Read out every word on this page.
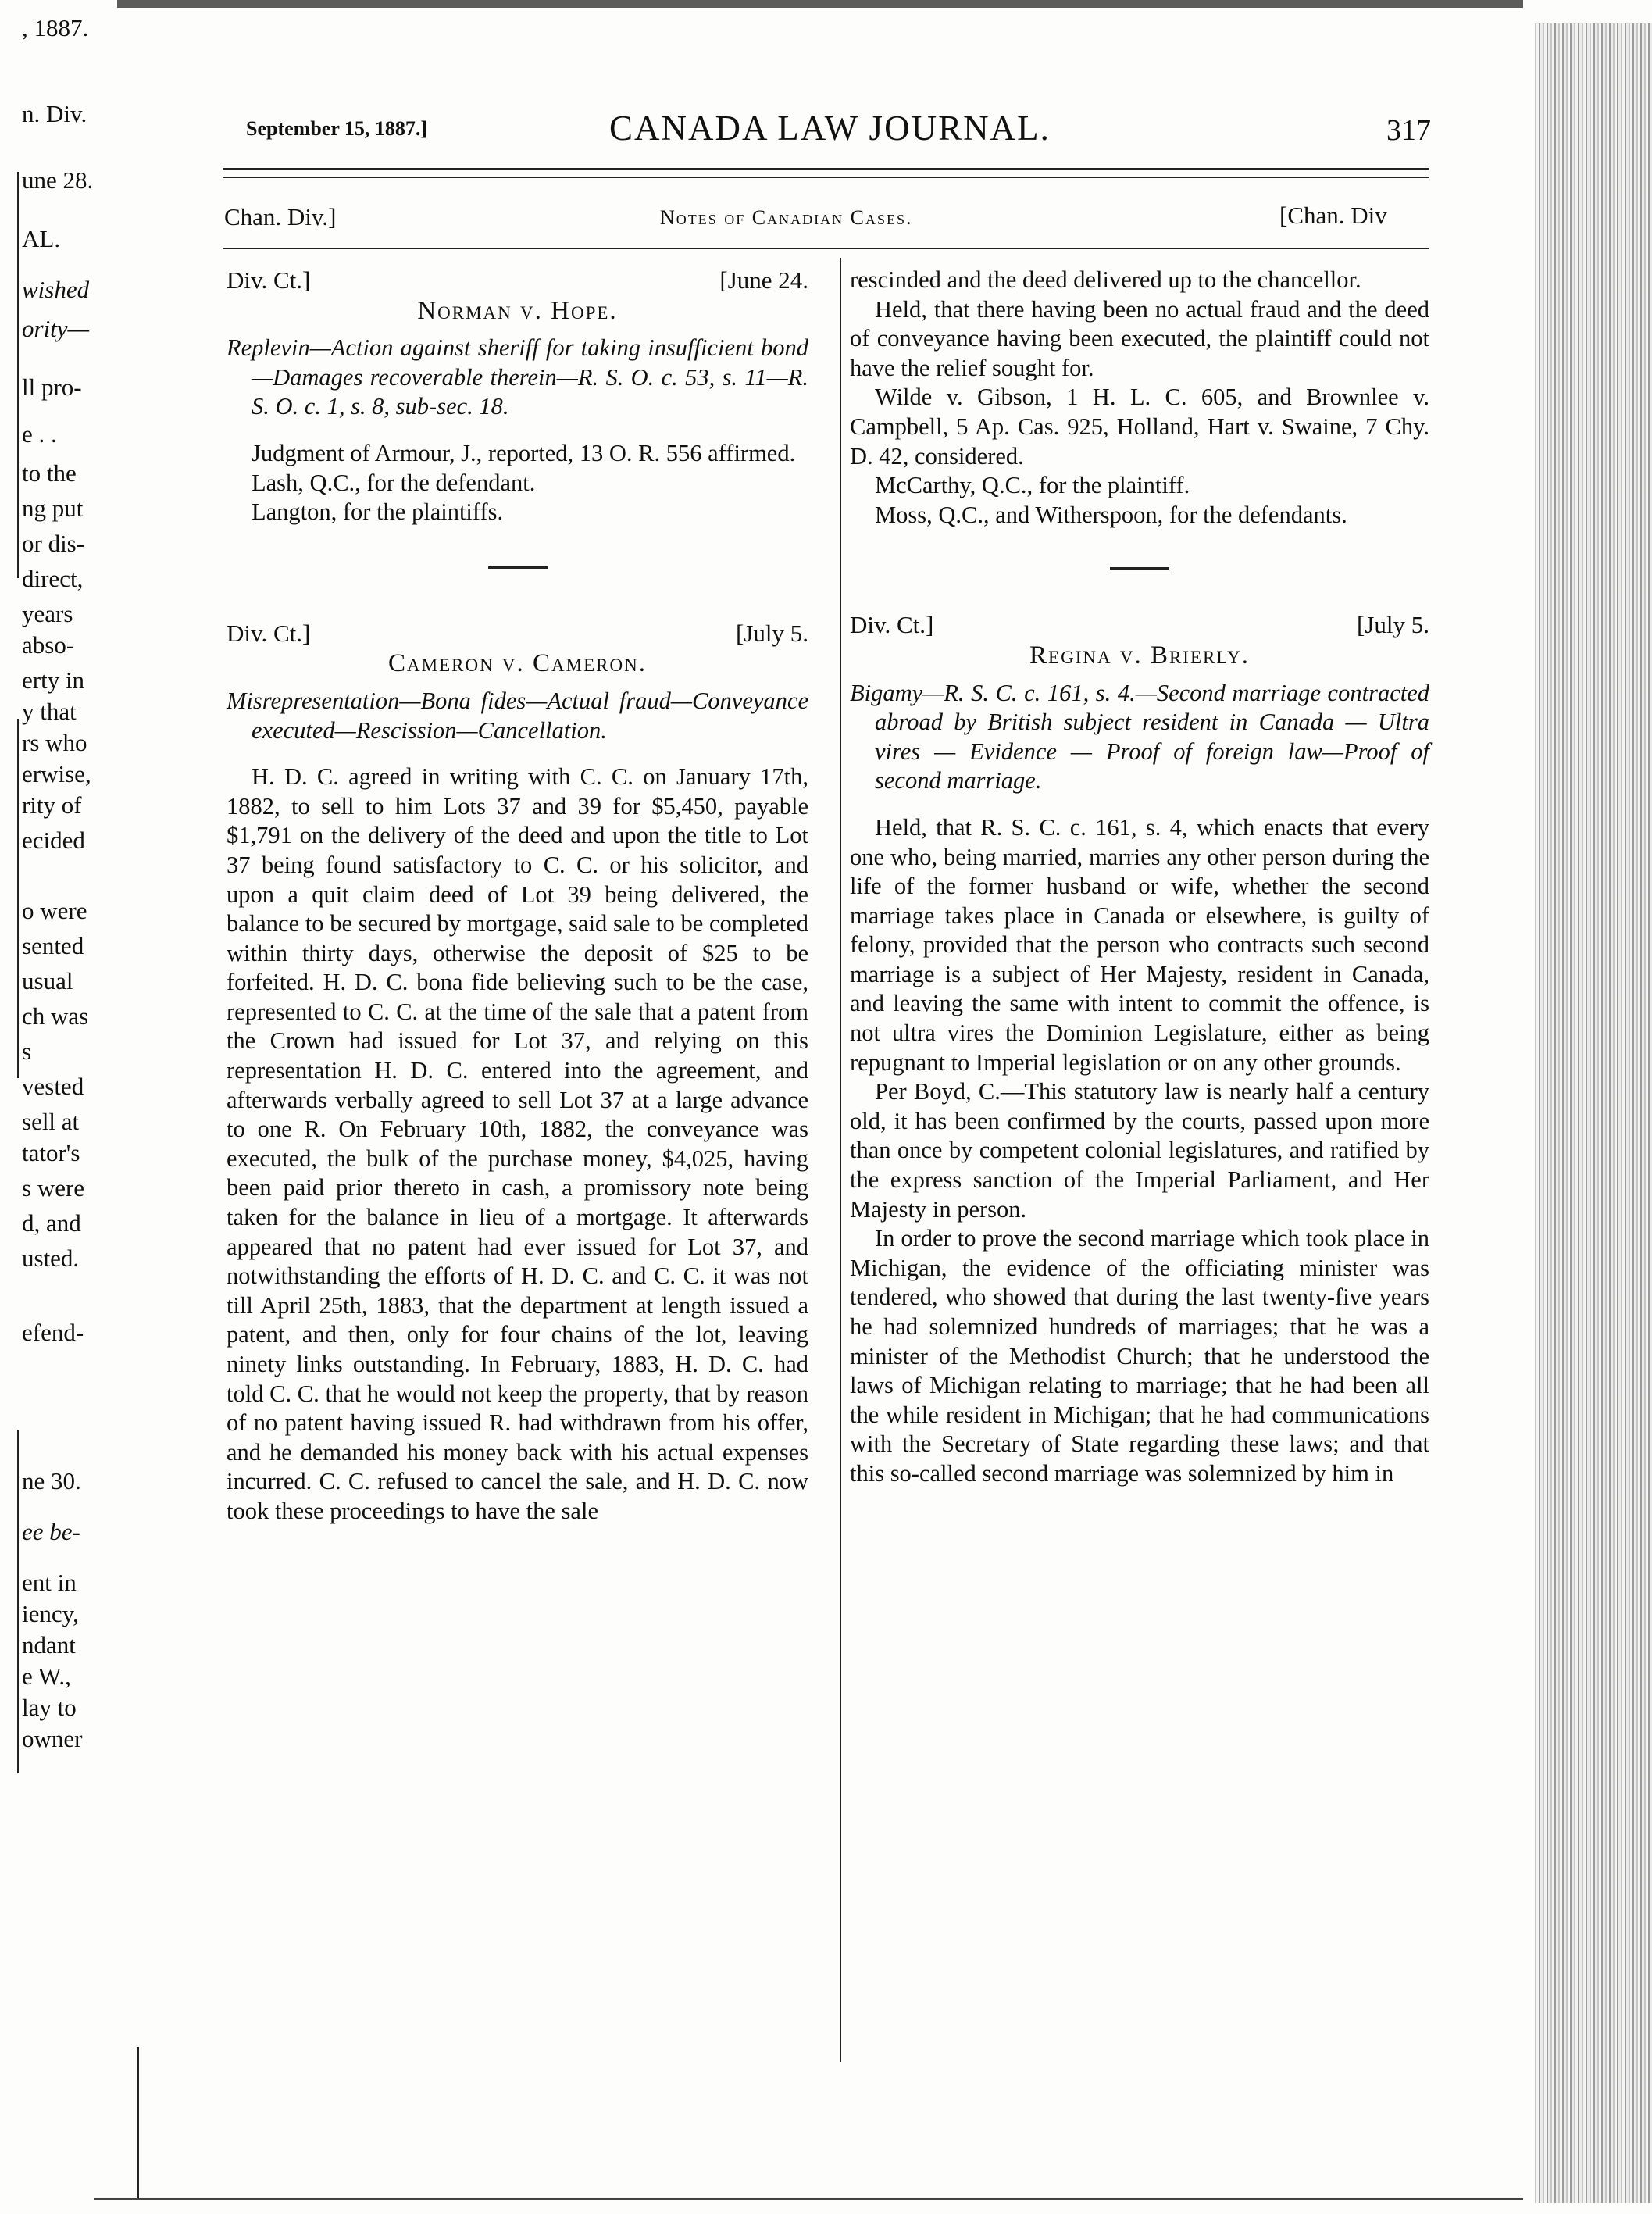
, 1887.
n. Div.
une 28.
AL.
wished
ority—
ll pro-
e . .
to the
ng put
or dis-
direct,
years
abso-
erty in
y that
rs who
erwise,
rity of
ecided
o were
sented
usual
ch was
s
vested
sell at
tator's
s were
d, and
usted.
efend-
ne 30.
ee be-
ent in
iency,
ndant
e W.,
lay to
owner
September 15, 1887.]	CANADA LAW JOURNAL.	317
Chan. Div.]	Notes of Canadian Cases.	[Chan. Div
Div. Ct.]	[June 24.
Norman v. Hope.

Replevin—Action against sheriff for taking insufficient bond—Damages recoverable therein—R. S. O. c. 53, s. 11—R. S. O. c. 1, s. 8, sub-sec. 18.

Judgment of Armour, J., reported, 13 O. R. 556 affirmed.

Lash, Q.C., for the defendant.

Langton, for the plaintiffs.

Div. Ct.]	[July 5.
Cameron v. Cameron.

Misrepresentation—Bona fides—Actual fraud—Conveyance executed—Rescission—Cancellation.

H. D. C. agreed in writing with C. C. on January 17th, 1882, to sell to him Lots 37 and 39 for $5,450, payable $1,791 on the delivery of the deed and upon the title to Lot 37 being found satisfactory to C. C. or his solicitor, and upon a quit claim deed of Lot 39 being delivered, the balance to be secured by mortgage, said sale to be completed within thirty days, otherwise the deposit of $25 to be forfeited. H. D. C. bona fide believing such to be the case, represented to C. C. at the time of the sale that a patent from the Crown had issued for Lot 37, and relying on this representation H. D. C. entered into the agreement, and afterwards verbally agreed to sell Lot 37 at a large advance to one R. On February 10th, 1882, the conveyance was executed, the bulk of the purchase money, $4,025, having been paid prior thereto in cash, a promissory note being taken for the balance in lieu of a mortgage. It afterwards appeared that no patent had ever issued for Lot 37, and notwithstanding the efforts of H. D. C. and C. C. it was not till April 25th, 1883, that the department at length issued a patent, and then, only for four chains of the lot, leaving ninety links outstanding. In February, 1883, H. D. C. had told C. C. that he would not keep the property, that by reason of no patent having issued R. had withdrawn from his offer, and he demanded his money back with his actual expenses incurred. C. C. refused to cancel the sale, and H. D. C. now took these proceedings to have the sale

rescinded and the deed delivered up to the chancellor.

Held, that there having been no actual fraud and the deed of conveyance having been executed, the plaintiff could not have the relief sought for.

Wilde v. Gibson, 1 H. L. C. 605, and Brownlee v. Campbell, 5 Ap. Cas. 925, Holland, Hart v. Swaine, 7 Chy. D. 42, considered.

McCarthy, Q.C., for the plaintiff.

Moss, Q.C., and Witherspoon, for the defendants.

Div. Ct.]	[July 5.
Regina v. Brierly.

Bigamy—R. S. C. c. 161, s. 4.—Second marriage contracted abroad by British subject resident in Canada — Ultra vires — Evidence — Proof of foreign law—Proof of second marriage.

Held, that R. S. C. c. 161, s. 4, which enacts that every one who, being married, marries any other person during the life of the former husband or wife, whether the second marriage takes place in Canada or elsewhere, is guilty of felony, provided that the person who contracts such second marriage is a subject of Her Majesty, resident in Canada, and leaving the same with intent to commit the offence, is not ultra vires the Dominion Legislature, either as being repugnant to Imperial legislation or on any other grounds.

Per Boyd, C.—This statutory law is nearly half a century old, it has been confirmed by the courts, passed upon more than once by competent colonial legislatures, and ratified by the express sanction of the Imperial Parliament, and Her Majesty in person.

In order to prove the second marriage which took place in Michigan, the evidence of the officiating minister was tendered, who showed that during the last twenty-five years he had solemnized hundreds of marriages; that he was a minister of the Methodist Church; that he understood the laws of Michigan relating to marriage; that he had been all the while resident in Michigan; that he had communications with the Secretary of State regarding these laws; and that this so-called second marriage was solemnized by him in
